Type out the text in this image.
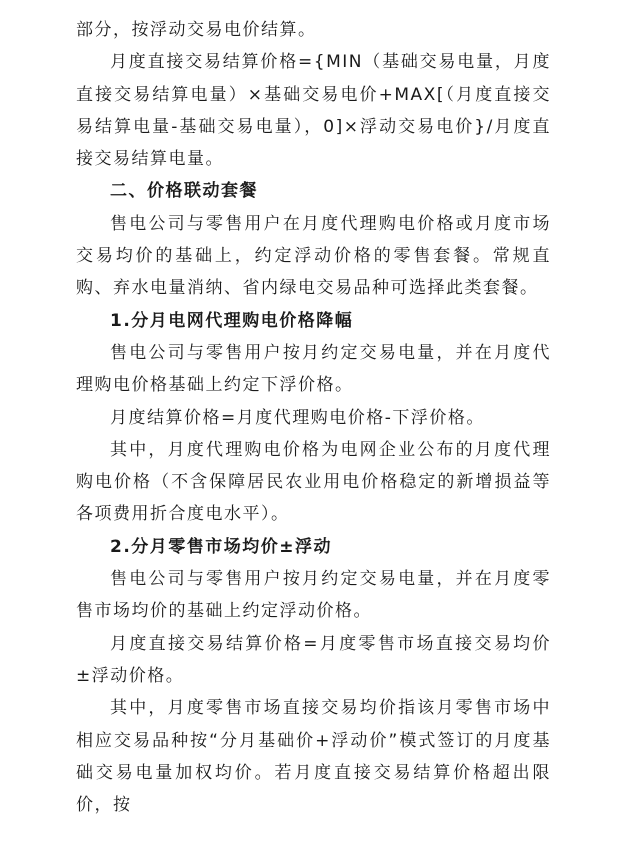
部分，按浮动交易电价结算。

月度直接交易结算价格={MIN（基础交易电量，月度直接交易结算电量）×基础交易电价+MAX[（月度直接交易结算电量-基础交易电量），0]×浮动交易电价}/月度直接交易结算电量。

二、价格联动套餐

售电公司与零售用户在月度代理购电价格或月度市场交易均价的基础上，约定浮动价格的零售套餐。常规直购、弃水电量消纳、省内绿电交易品种可选择此类套餐。

1.分月电网代理购电价格降幅

售电公司与零售用户按月约定交易电量，并在月度代理购电价格基础上约定下浮价格。

月度结算价格=月度代理购电价格-下浮价格。

其中，月度代理购电价格为电网企业公布的月度代理购电价格（不含保障居民农业用电价格稳定的新增损益等各项费用折合度电水平）。

2.分月零售市场均价±浮动

售电公司与零售用户按月约定交易电量，并在月度零售市场均价的基础上约定浮动价格。

月度直接交易结算价格=月度零售市场直接交易均价±浮动价格。

其中，月度零售市场直接交易均价指该月零售市场中相应交易品种按“分月基础价+浮动价”模式签订的月度基础交易电量加权均价。若月度直接交易结算价格超出限价，按
